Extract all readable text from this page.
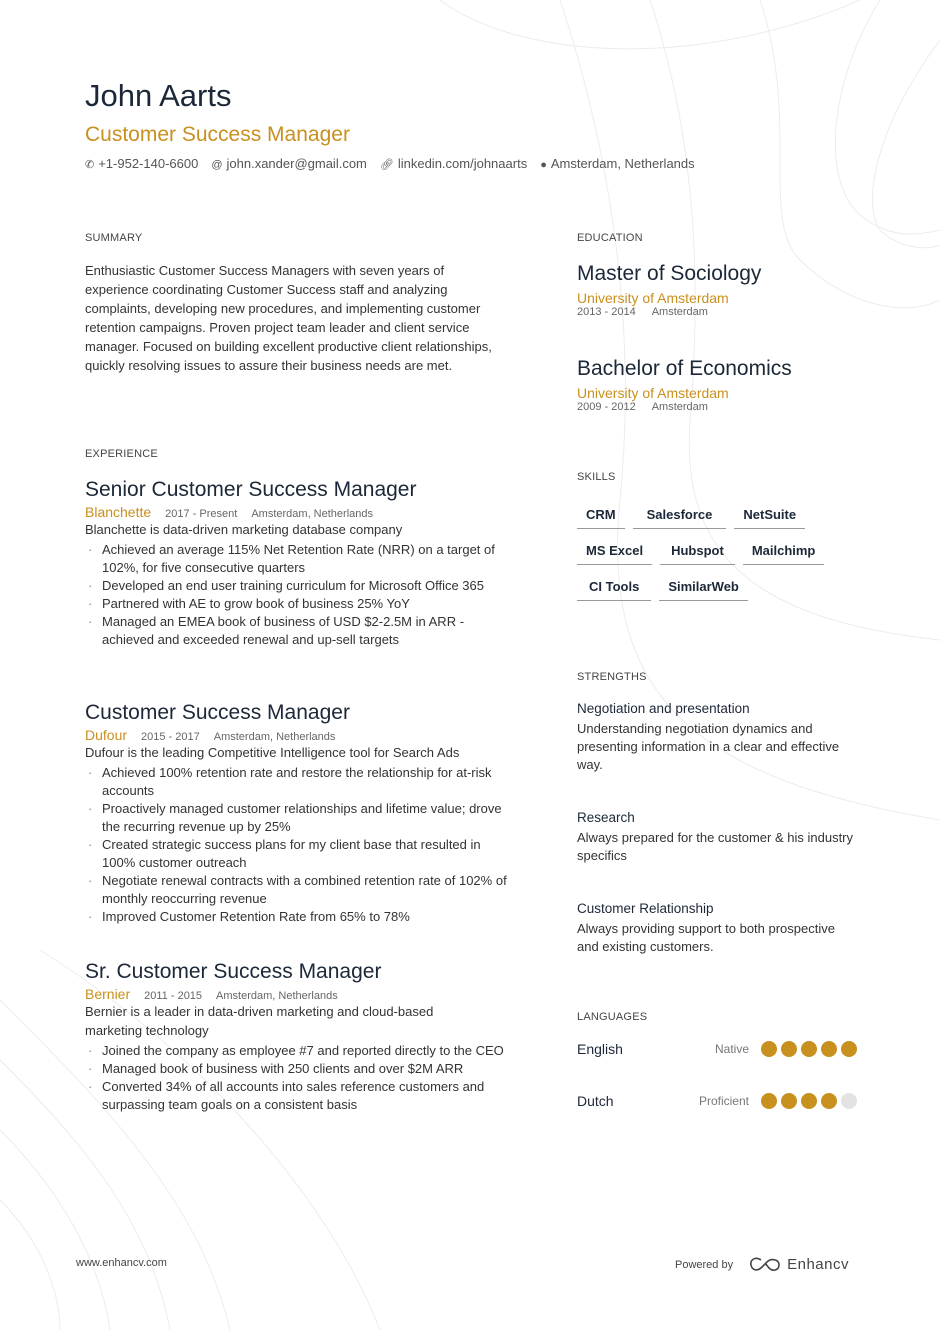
John Aarts
Customer Success Manager
✆ +1-952-140-6600 @ john.xander@gmail.com 🔗︎ linkedin.com/johnaarts ● Amsterdam, Netherlands
SUMMARY
Enthusiastic Customer Success Managers with seven years of experience coordinating Customer Success staff and analyzing complaints, developing new procedures, and implementing customer retention campaigns. Proven project team leader and client service manager. Focused on building excellent productive client relationships, quickly resolving issues to assure their business needs are met.
EXPERIENCE
Senior Customer Success Manager
Blanchette 2017 - Present Amsterdam, Netherlands
Blanchette is data-driven marketing database company
· Achieved an average 115% Net Retention Rate (NRR) on a target of 102%, for five consecutive quarters
· Developed an end user training curriculum for Microsoft Office 365
· Partnered with AE to grow book of business 25% YoY
· Managed an EMEA book of business of USD $2-2.5M in ARR - achieved and exceeded renewal and up-sell targets
Customer Success Manager
Dufour 2015 - 2017 Amsterdam, Netherlands
Dufour is the leading Competitive Intelligence tool for Search Ads
· Achieved 100% retention rate and restore the relationship for at-risk accounts
· Proactively managed customer relationships and lifetime value; drove the recurring revenue up by 25%
· Created strategic success plans for my client base that resulted in 100% customer outreach
· Negotiate renewal contracts with a combined retention rate of 102% of monthly reoccurring revenue
· Improved Customer Retention Rate from 65% to 78%
Sr. Customer Success Manager
Bernier 2011 - 2015 Amsterdam, Netherlands
Bernier is a leader in data-driven marketing and cloud-based marketing technology
· Joined the company as employee #7 and reported directly to the CEO
· Managed book of business with 250 clients and over $2M ARR
· Converted 34% of all accounts into sales reference customers and surpassing team goals on a consistent basis
EDUCATION
Master of Sociology
University of Amsterdam
2013 - 2014 Amsterdam
Bachelor of Economics
University of Amsterdam
2009 - 2012 Amsterdam
SKILLS
CRM	Salesforce	NetSuite
MS Excel	Hubspot	Mailchimp
CI Tools	SimilarWeb
STRENGTHS
Negotiation and presentation
Understanding negotiation dynamics and presenting information in a clear and effective way.
Research
Always prepared for the customer & his industry specifics
Customer Relationship
Always providing support to both prospective and existing customers.
LANGUAGES
English	Native
Dutch	Proficient
www.enhancv.com	Powered by	Enhancv
